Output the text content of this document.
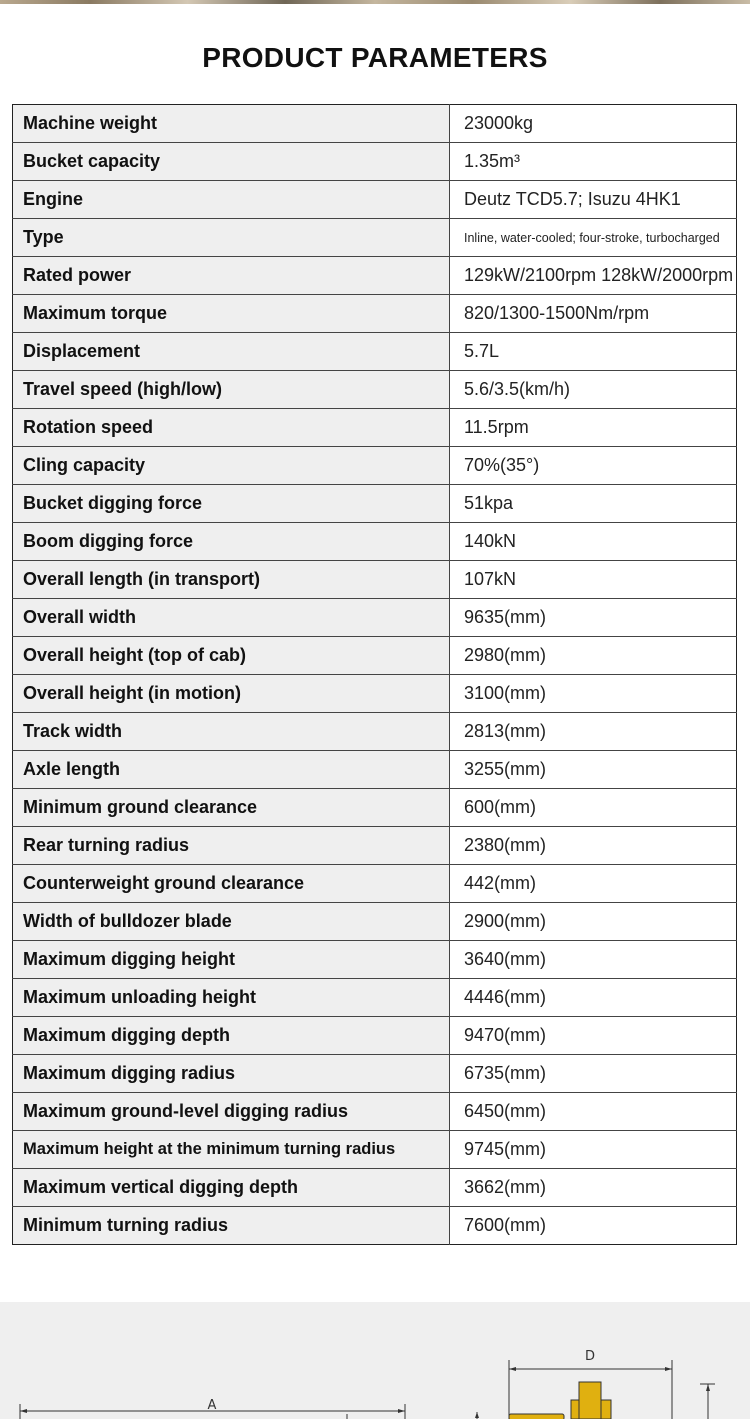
PRODUCT PARAMETERS
Machine weight	23000kg
Bucket capacity	1.35m³
Engine	Deutz TCD5.7; Isuzu 4HK1
Type	Inline, water-cooled; four-stroke, turbocharged
Rated power	129kW/2100rpm 128kW/2000rpm
Maximum torque	820/1300-1500Nm/rpm
Displacement	5.7L
Travel speed (high/low)	5.6/3.5(km/h)
Rotation speed	11.5rpm
Cling capacity	70%(35°)
Bucket digging force	51kpa
Boom digging force	140kN
Overall length (in transport)	107kN
Overall width	9635(mm)
Overall height (top of cab)	2980(mm)
Overall height (in motion)	3100(mm)
Track width	2813(mm)
Axle length	3255(mm)
Minimum ground clearance	600(mm)
Rear turning radius	2380(mm)
Counterweight ground clearance	442(mm)
Width of bulldozer blade	2900(mm)
Maximum digging height	3640(mm)
Maximum unloading height	4446(mm)
Maximum digging depth	9470(mm)
Maximum digging radius	6735(mm)
Maximum ground-level digging radius	6450(mm)
Maximum height at the minimum turning radius	9745(mm)
Maximum vertical digging depth	3662(mm)
Minimum turning radius	7600(mm)
A
D
